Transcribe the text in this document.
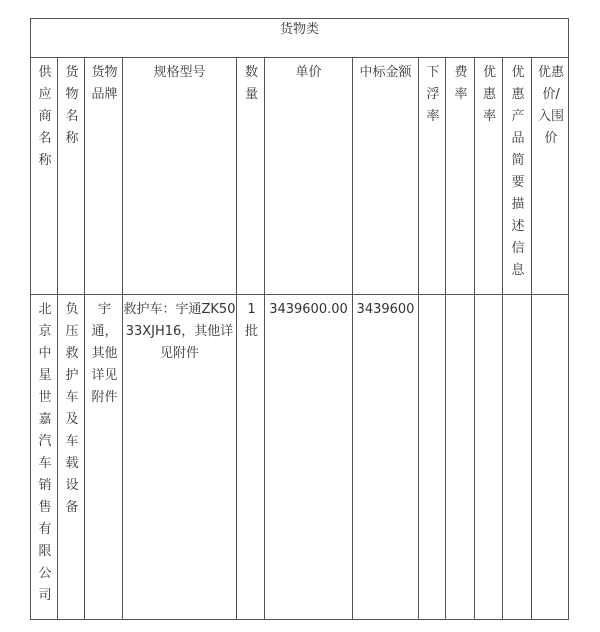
货物类											
供应商名称	货物名称	货物品牌	规格型号	数量	单价	中标金额	下浮率	费率	优惠率	优惠产品简要描述信息	优惠价/入围价
北京中星世嘉汽车销售有限公司	负压救护车及车载设备	宇通，其他详见附件	救护车：宇通ZK5033XJH16，其他详见附件	1批	3439600.00	3439600					
